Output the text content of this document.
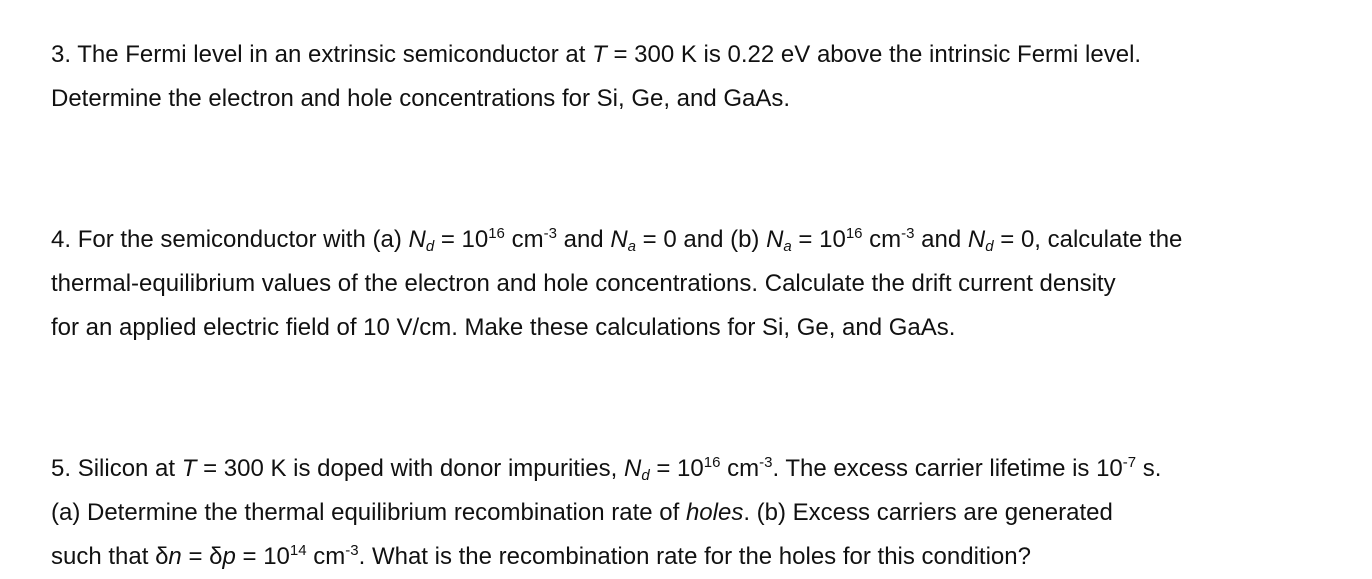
3. The Fermi level in an extrinsic semiconductor at T = 300 K is 0.22 eV above the intrinsic Fermi level.
Determine the electron and hole concentrations for Si, Ge, and GaAs.
4. For the semiconductor with (a) $N_d = 10^{16}$ $cm^{-3}$ and $N_a = 0$ and (b) $N_a = 10^{16}$ $cm^{-3}$ and $N_d = 0$, calculate the
thermal-equilibrium values of the electron and hole concentrations. Calculate the drift current density
for an applied electric field of 10 V/cm. Make these calculations for Si, Ge, and GaAs.
5. Silicon at T = 300 K is doped with donor impurities, $N_d = 10^{16}$ $cm^{-3}$. The excess carrier lifetime is $10^{-7}$ s.
(a) Determine the thermal equilibrium recombination rate of holes. (b) Excess carriers are generated
such that $\delta n = \delta p = 10^{14}$ $cm^{-3}$. What is the recombination rate for the holes for this condition?
